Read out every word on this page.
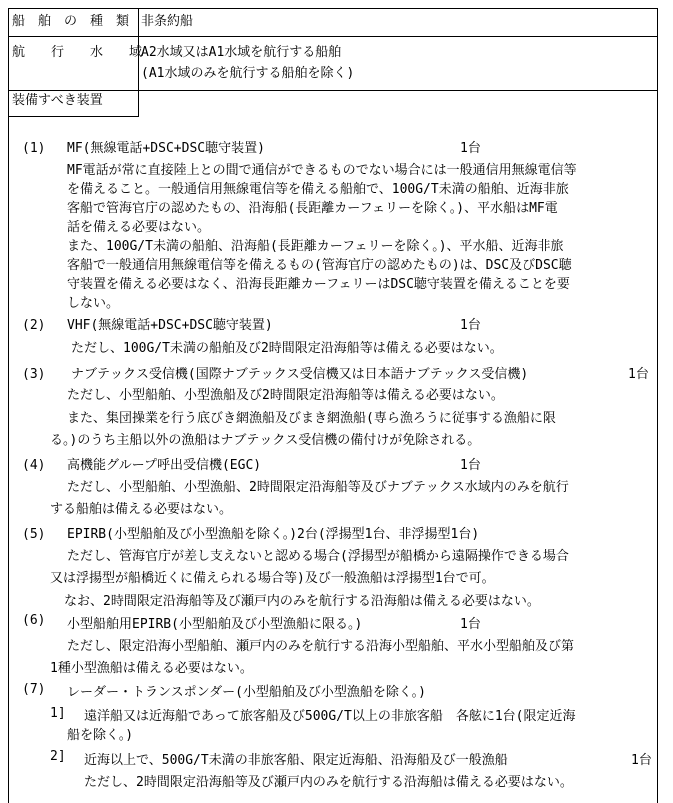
船　舶　の　種　類 非条約船
航　　行　　水　　域
A2水域又はA1水域を航行する船舶
(A1水域のみを航行する船舶を除く)
装備すべき装置
(1) MF(無線電話+DSC+DSC聴守装置)	1台
MF電話が常に直接陸上との間で通信ができるものでない場合には一般通信用無線電信等
を備えること。一般通信用無線電信等を備える船舶で、100G/T未満の船舶、近海非旅
客船で管海官庁の認めたもの、沿海船(長距離カーフェリーを除く。)、平水船はMF電
話を備える必要はない。
また、100G/T未満の船舶、沿海船(長距離カーフェリーを除く。)、平水船、近海非旅
客船で一般通信用無線電信等を備えるもの(管海官庁の認めたもの)は、DSC及びDSC聴
守装置を備える必要はなく、沿海長距離カーフェリーはDSC聴守装置を備えることを要
しない。
(2) VHF(無線電話+DSC+DSC聴守装置)	1台
ただし、100G/T未満の船舶及び2時間限定沿海船等は備える必要はない。
(3) ナブテックス受信機(国際ナブテックス受信機又は日本語ナブテックス受信機)	1台
ただし、小型船舶、小型漁船及び2時間限定沿海船等は備える必要はない。
また、集団操業を行う底びき網漁船及びまき網漁船(専ら漁ろうに従事する漁船に限
る。)のうち主船以外の漁船はナブテックス受信機の備付けが免除される。
(4) 高機能グループ呼出受信機(EGC)	1台
ただし、小型船舶、小型漁船、2時間限定沿海船等及びナブテックス水域内のみを航行
する船舶は備える必要はない。
(5) EPIRB(小型船舶及び小型漁船を除く。)2台(浮揚型1台、非浮揚型1台)
ただし、管海官庁が差し支えないと認める場合(浮揚型が船橋から遠隔操作できる場合
又は浮揚型が船橋近くに備えられる場合等)及び一般漁船は浮揚型1台で可。
なお、2時間限定沿海船等及び瀬戸内のみを航行する沿海船は備える必要はない。
(6) 小型船舶用EPIRB(小型船舶及び小型漁船に限る。)	1台
ただし、限定沿海小型船舶、瀬戸内のみを航行する沿海小型船舶、平水小型船舶及び第
1種小型漁船は備える必要はない。
(7) レーダー・トランスポンダー(小型船舶及び小型漁船を除く。)
1] 遠洋船又は近海船であって旅客船及び500G/T以上の非旅客船　各舷に1台(限定近海
船を除く。)
2] 近海以上で、500G/T未満の非旅客船、限定近海船、沿海船及び一般漁船	1台
ただし、2時間限定沿海船等及び瀬戸内のみを航行する沿海船は備える必要はない。
